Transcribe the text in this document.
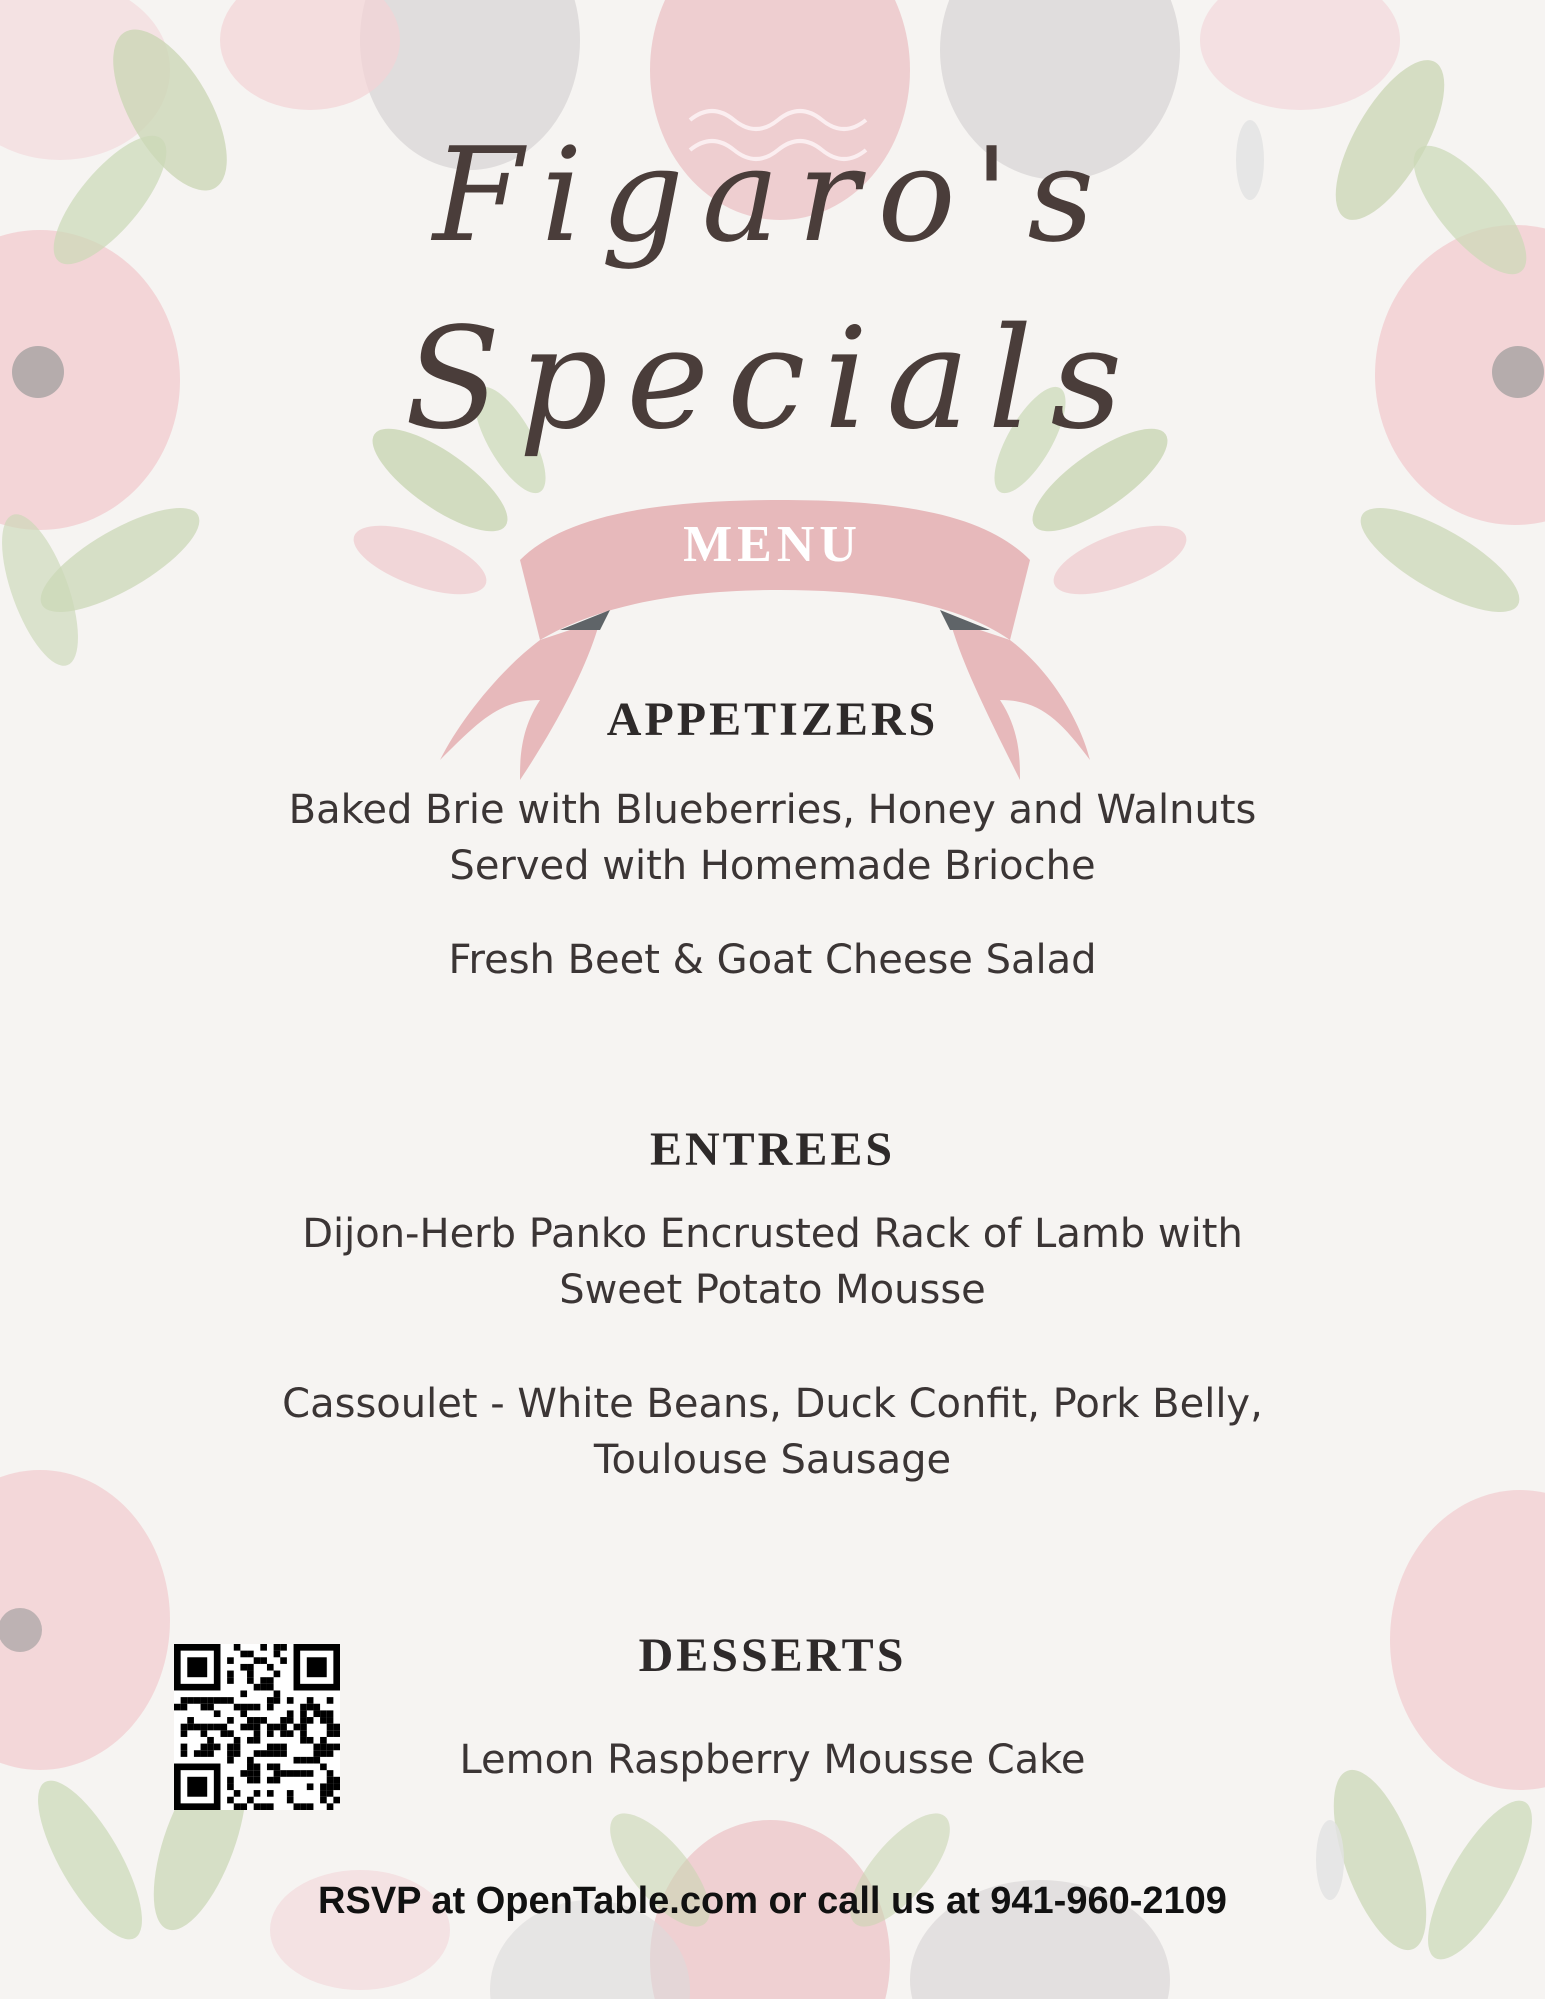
Figaro's
Specials
MENU
APPETIZERS
Baked Brie with Blueberries, Honey and Walnuts
Served with Homemade Brioche
Fresh Beet & Goat Cheese Salad
ENTREES
Dijon-Herb Panko Encrusted Rack of Lamb with
Sweet Potato Mousse
Cassoulet - White Beans, Duck Confit, Pork Belly,
Toulouse Sausage
DESSERTS
Lemon Raspberry Mousse Cake
RSVP at OpenTable.com or call us at 941-960-2109
